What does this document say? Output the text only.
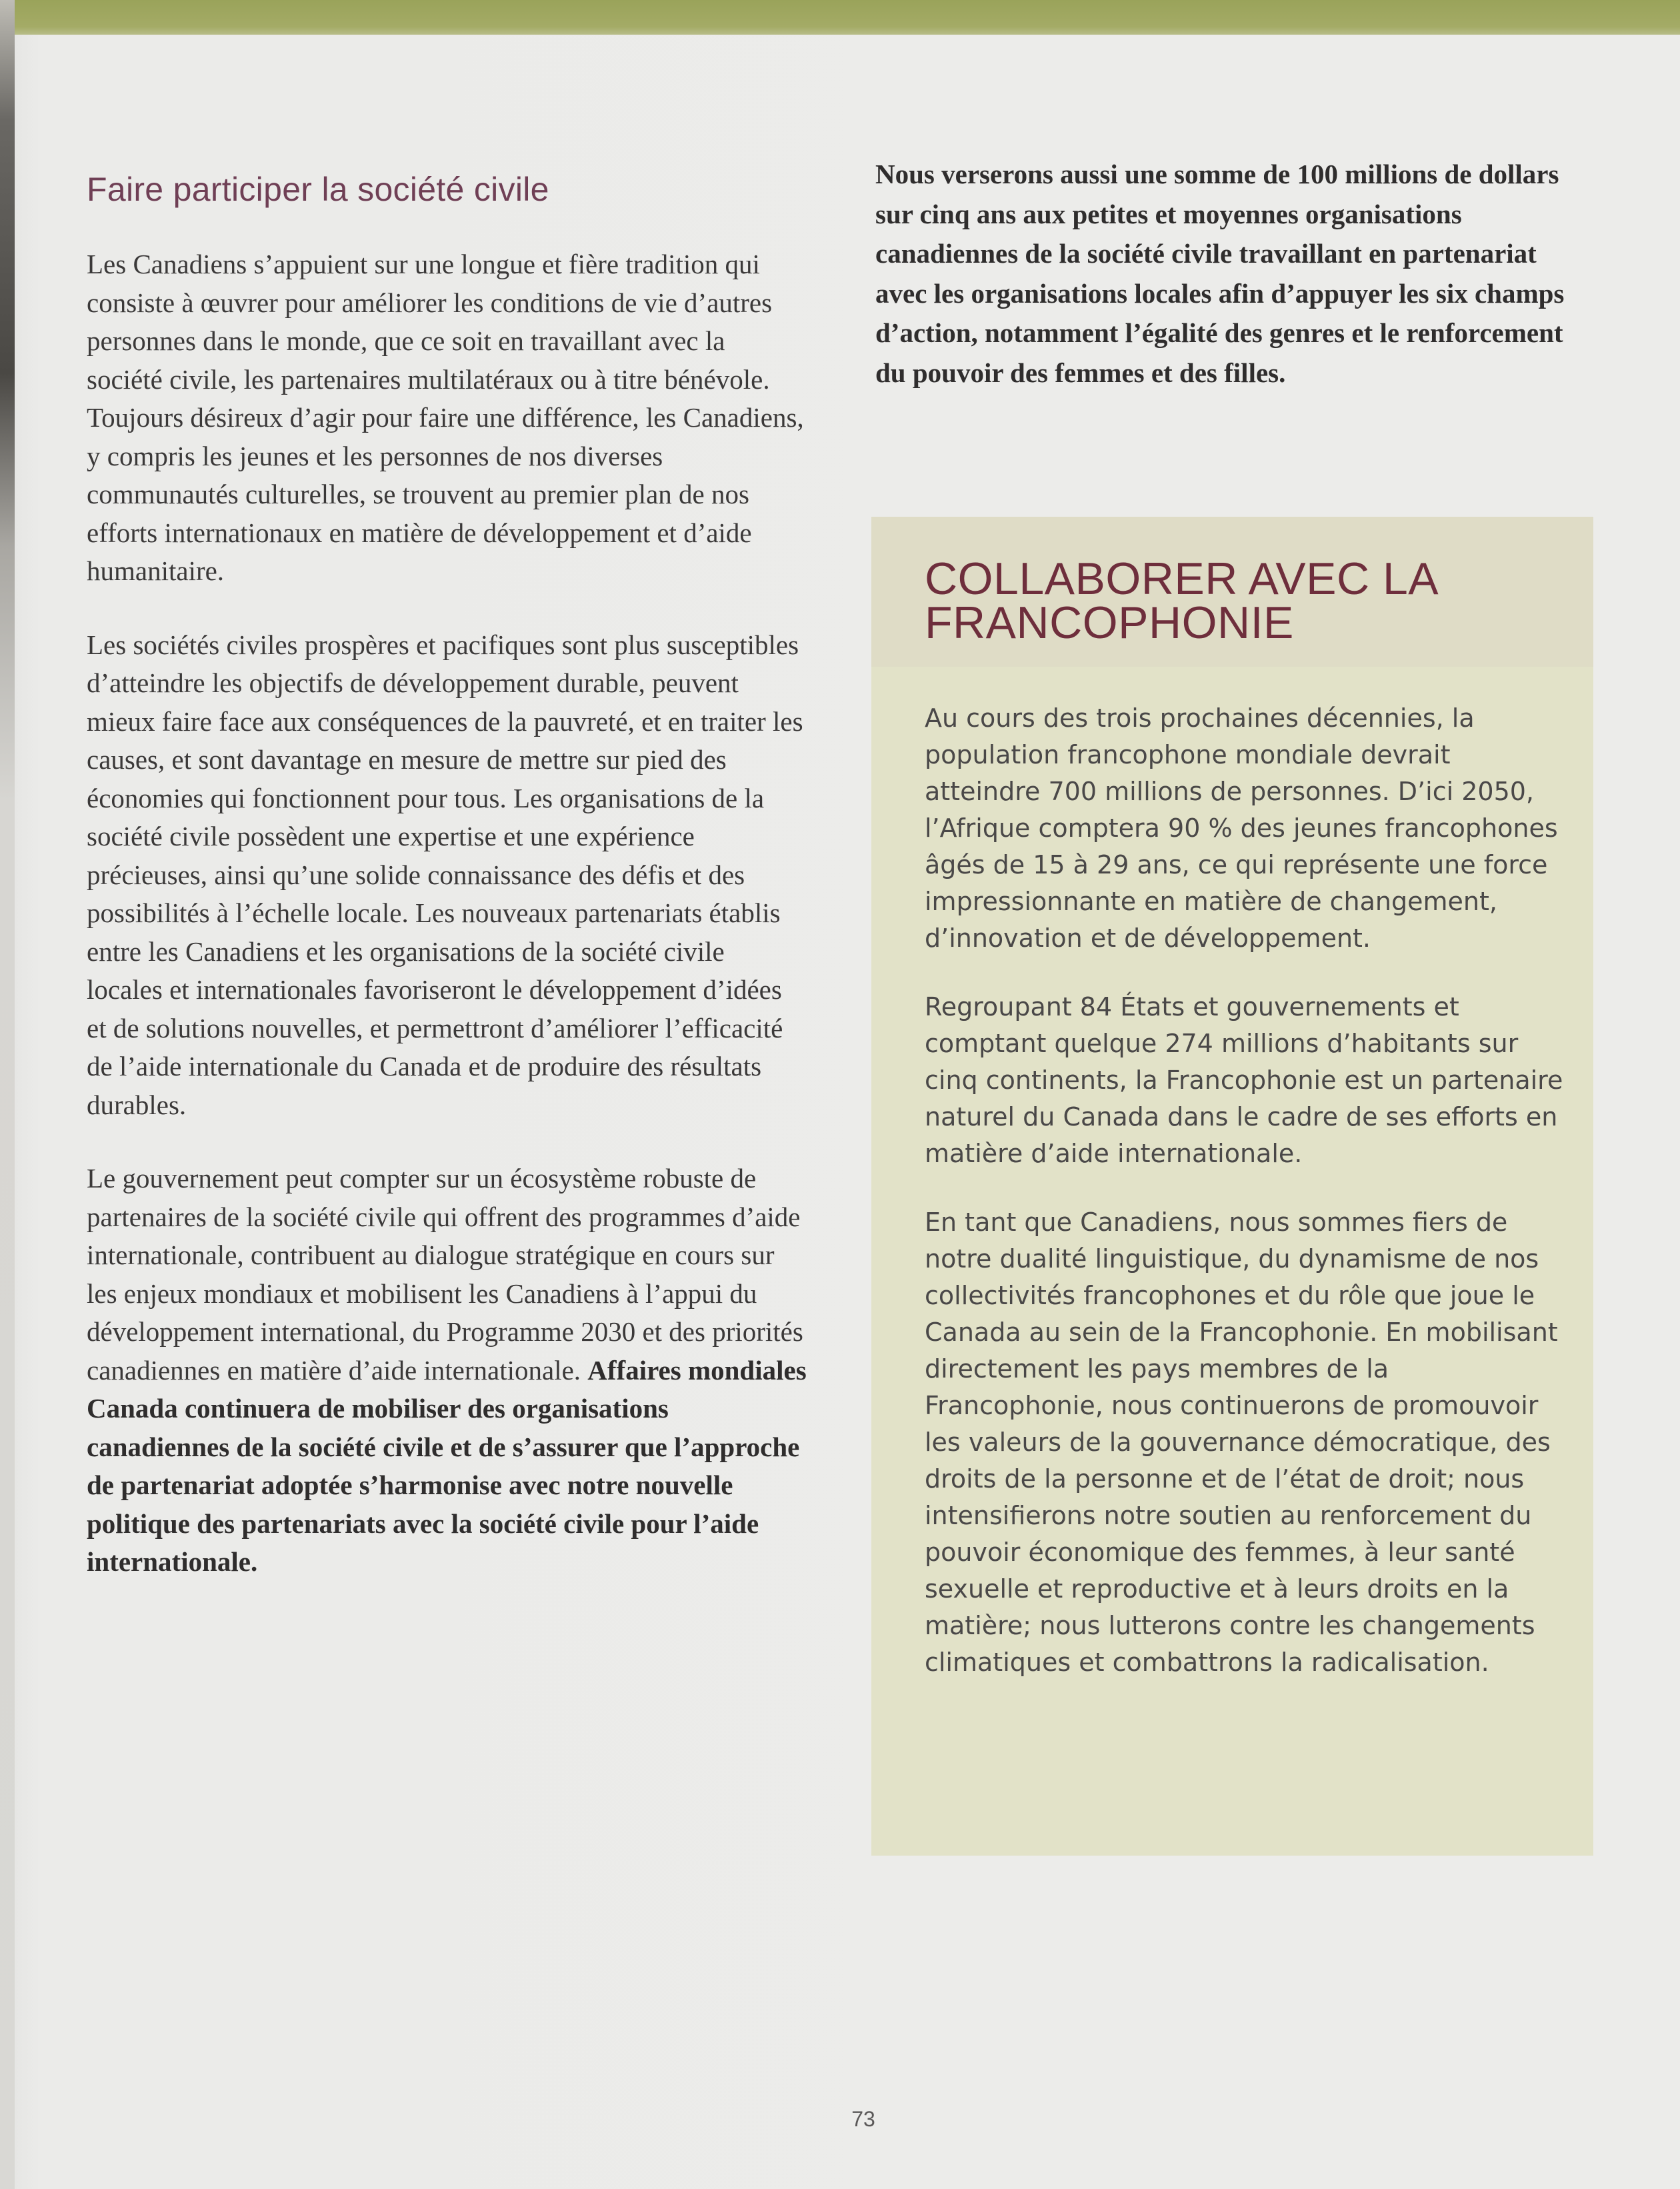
Faire participer la société civile

Les Canadiens s’appuient sur une longue et fière tradition qui consiste à œuvrer pour améliorer les conditions de vie d’autres personnes dans le monde, que ce soit en travaillant avec la société civile, les partenaires multilatéraux ou à titre bénévole. Toujours désireux d’agir pour faire une différence, les Canadiens, y compris les jeunes et les personnes de nos diverses communautés culturelles, se trouvent au premier plan de nos efforts internationaux en matière de développement et d’aide humanitaire.

Les sociétés civiles prospères et pacifiques sont plus susceptibles d’atteindre les objectifs de développement durable, peuvent mieux faire face aux conséquences de la pauvreté, et en traiter les causes, et sont davantage en mesure de mettre sur pied des économies qui fonctionnent pour tous. Les organisations de la société civile possèdent une expertise et une expérience précieuses, ainsi qu’une solide connaissance des défis et des possibilités à l’échelle locale. Les nouveaux partenariats établis entre les Canadiens et les organisations de la société civile locales et internationales favoriseront le développement d’idées et de solutions nouvelles, et permettront d’améliorer l’efficacité de l’aide internationale du Canada et de produire des résultats durables.

Le gouvernement peut compter sur un écosystème robuste de partenaires de la société civile qui offrent des programmes d’aide internationale, contribuent au dialogue stratégique en cours sur les enjeux mondiaux et mobilisent les Canadiens à l’appui du développement international, du Programme 2030 et des priorités canadiennes en matière d’aide internationale. Affaires mondiales Canada continuera de mobiliser des organisations canadiennes de la société civile et de s’assurer que l’approche de partenariat adoptée s’harmonise avec notre nouvelle politique des partenariats avec la société civile pour l’aide internationale.

Nous verserons aussi une somme de 100 millions de dollars sur cinq ans aux petites et moyennes organisations canadiennes de la société civile travaillant en partenariat avec les organisations locales afin d’appuyer les six champs d’action, notamment l’égalité des genres et le renforcement du pouvoir des femmes et des filles.

COLLABORER AVEC LA FRANCOPHONIE

Au cours des trois prochaines décennies, la population francophone mondiale devrait atteindre 700 millions de personnes. D’ici 2050, l’Afrique comptera 90 % des jeunes francophones âgés de 15 à 29 ans, ce qui représente une force impressionnante en matière de changement, d’innovation et de développement.

Regroupant 84 États et gouvernements et comptant quelque 274 millions d’habitants sur cinq continents, la Francophonie est un partenaire naturel du Canada dans le cadre de ses efforts en matière d’aide internationale.

En tant que Canadiens, nous sommes fiers de notre dualité linguistique, du dynamisme de nos collectivités francophones et du rôle que joue le Canada au sein de la Francophonie. En mobilisant directement les pays membres de la Francophonie, nous continuerons de promouvoir les valeurs de la gouvernance démocratique, des droits de la personne et de l’état de droit; nous intensifierons notre soutien au renforcement du pouvoir économique des femmes, à leur santé sexuelle et reproductive et à leurs droits en la matière; nous lutterons contre les changements climatiques et combattrons la radicalisation.

73
